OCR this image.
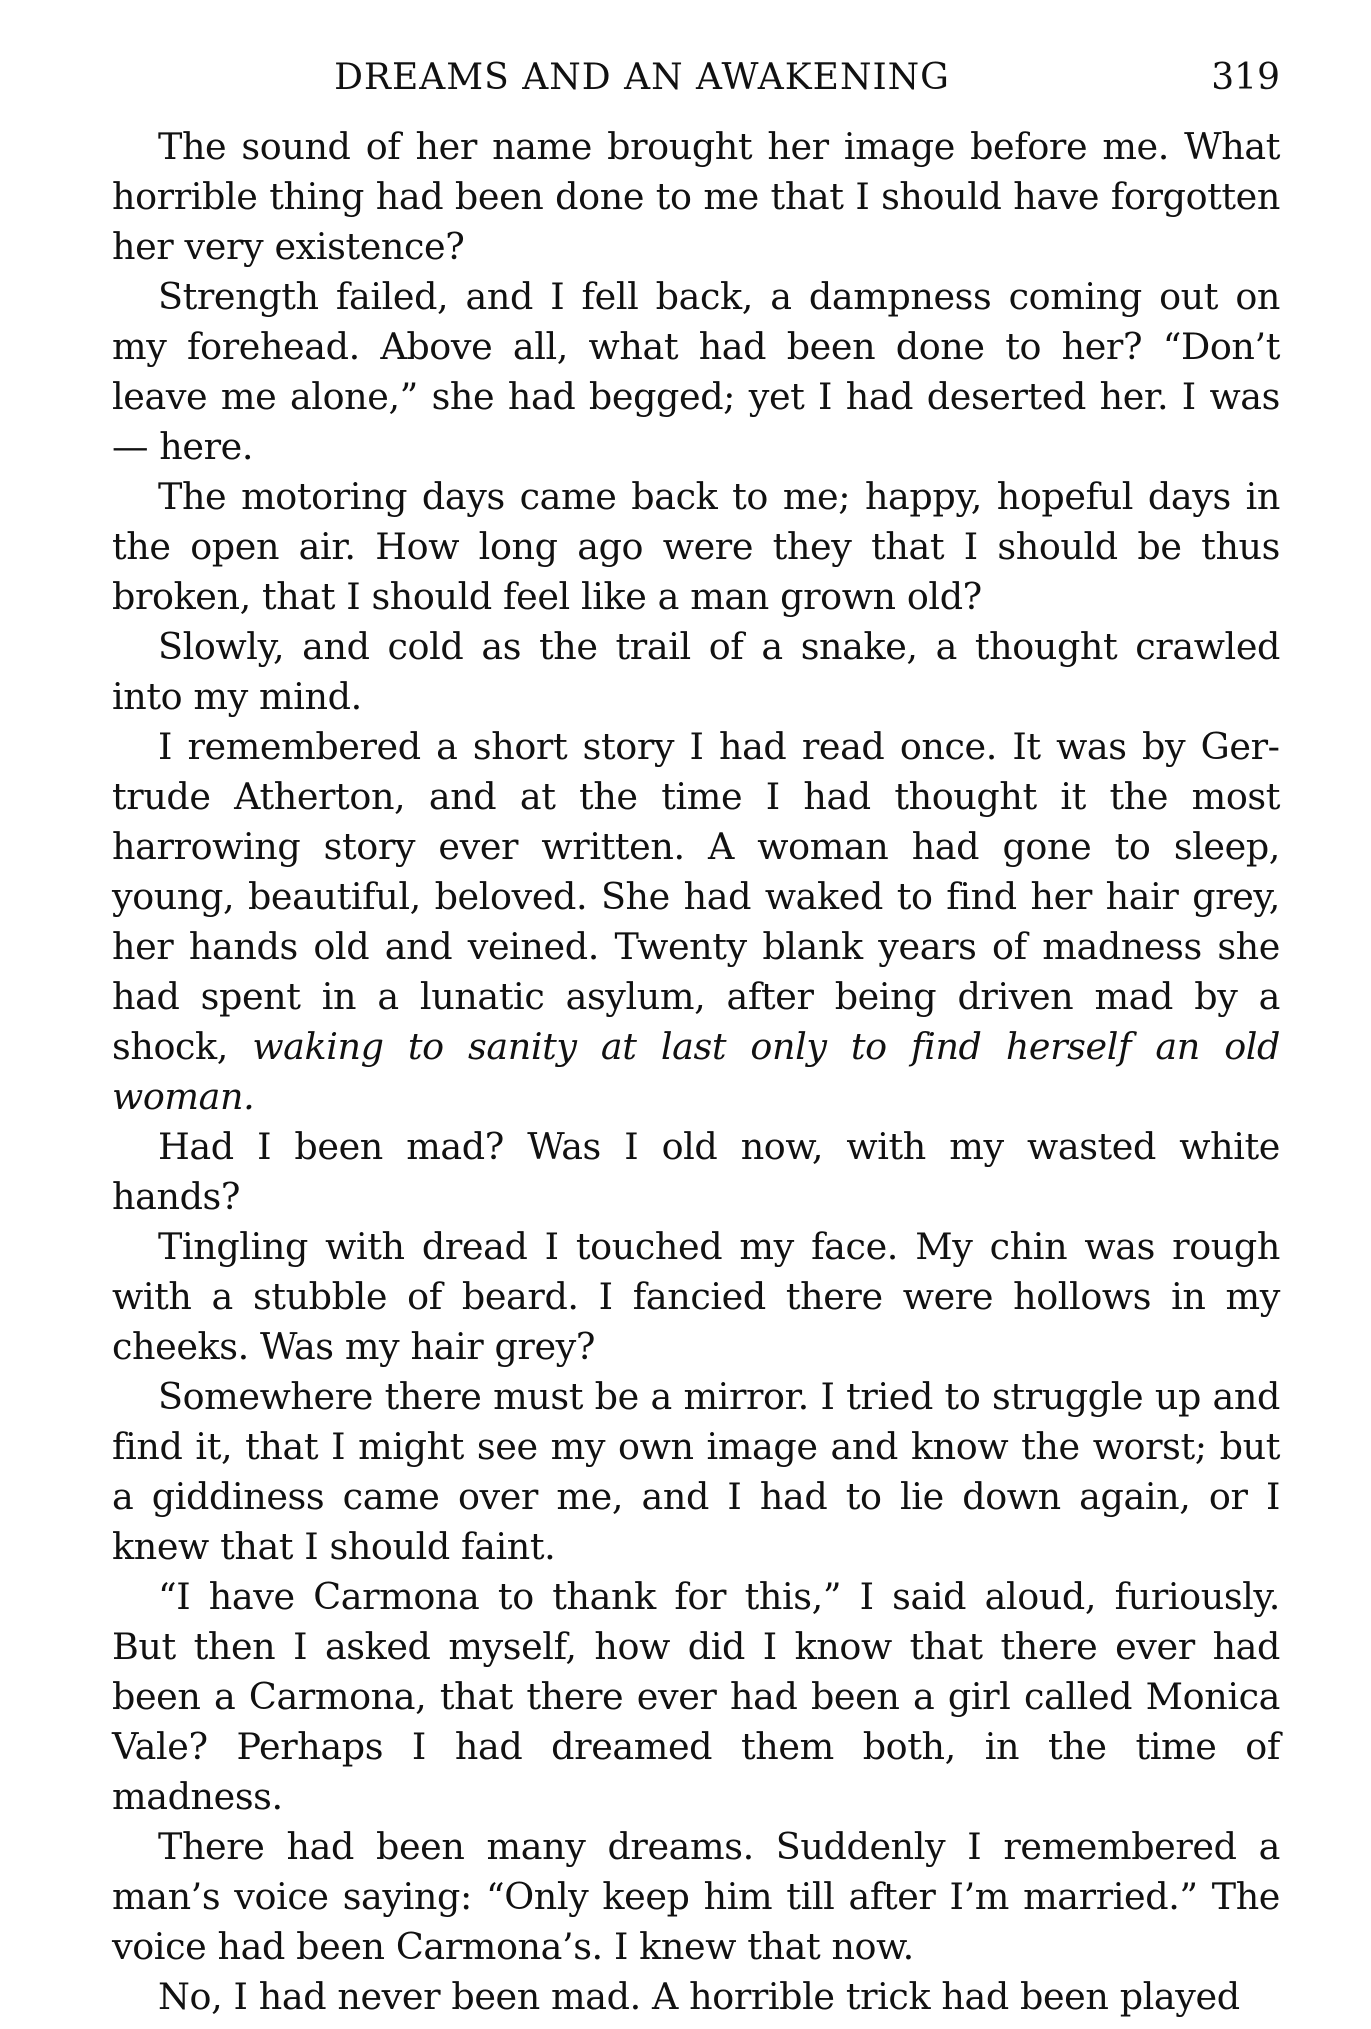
DREAMS AND AN AWAKENING	319

The sound of her name brought her image before me. What horrible thing had been done to me that I should have forgotten her very existence?

Strength failed, and I fell back, a dampness coming out on my forehead. Above all, what had been done to her? “Don’t leave me alone,” she had begged; yet I had deserted her. I was — here.

The motoring days came back to me; happy, hopeful days in the open air. How long ago were they that I should be thus broken, that I should feel like a man grown old?

Slowly, and cold as the trail of a snake, a thought crawled into my mind.

I remembered a short story I had read once. It was by Gertrude Atherton, and at the time I had thought it the most harrowing story ever written. A woman had gone to sleep, young, beautiful, beloved. She had waked to find her hair grey, her hands old and veined. Twenty blank years of madness she had spent in a lunatic asylum, after being driven mad by a shock, waking to sanity at last only to find herself an old woman.

Had I been mad? Was I old now, with my wasted white hands?

Tingling with dread I touched my face. My chin was rough with a stubble of beard. I fancied there were hollows in my cheeks. Was my hair grey?

Somewhere there must be a mirror. I tried to struggle up and find it, that I might see my own image and know the worst; but a giddiness came over me, and I had to lie down again, or I knew that I should faint.

“I have Carmona to thank for this,” I said aloud, furiously. But then I asked myself, how did I know that there ever had been a Carmona, that there ever had been a girl called Monica Vale? Perhaps I had dreamed them both, in the time of madness.

There had been many dreams. Suddenly I remembered a man’s voice saying: “Only keep him till after I’m married.” The voice had been Carmona’s. I knew that now.

No, I had never been mad. A horrible trick had been played
